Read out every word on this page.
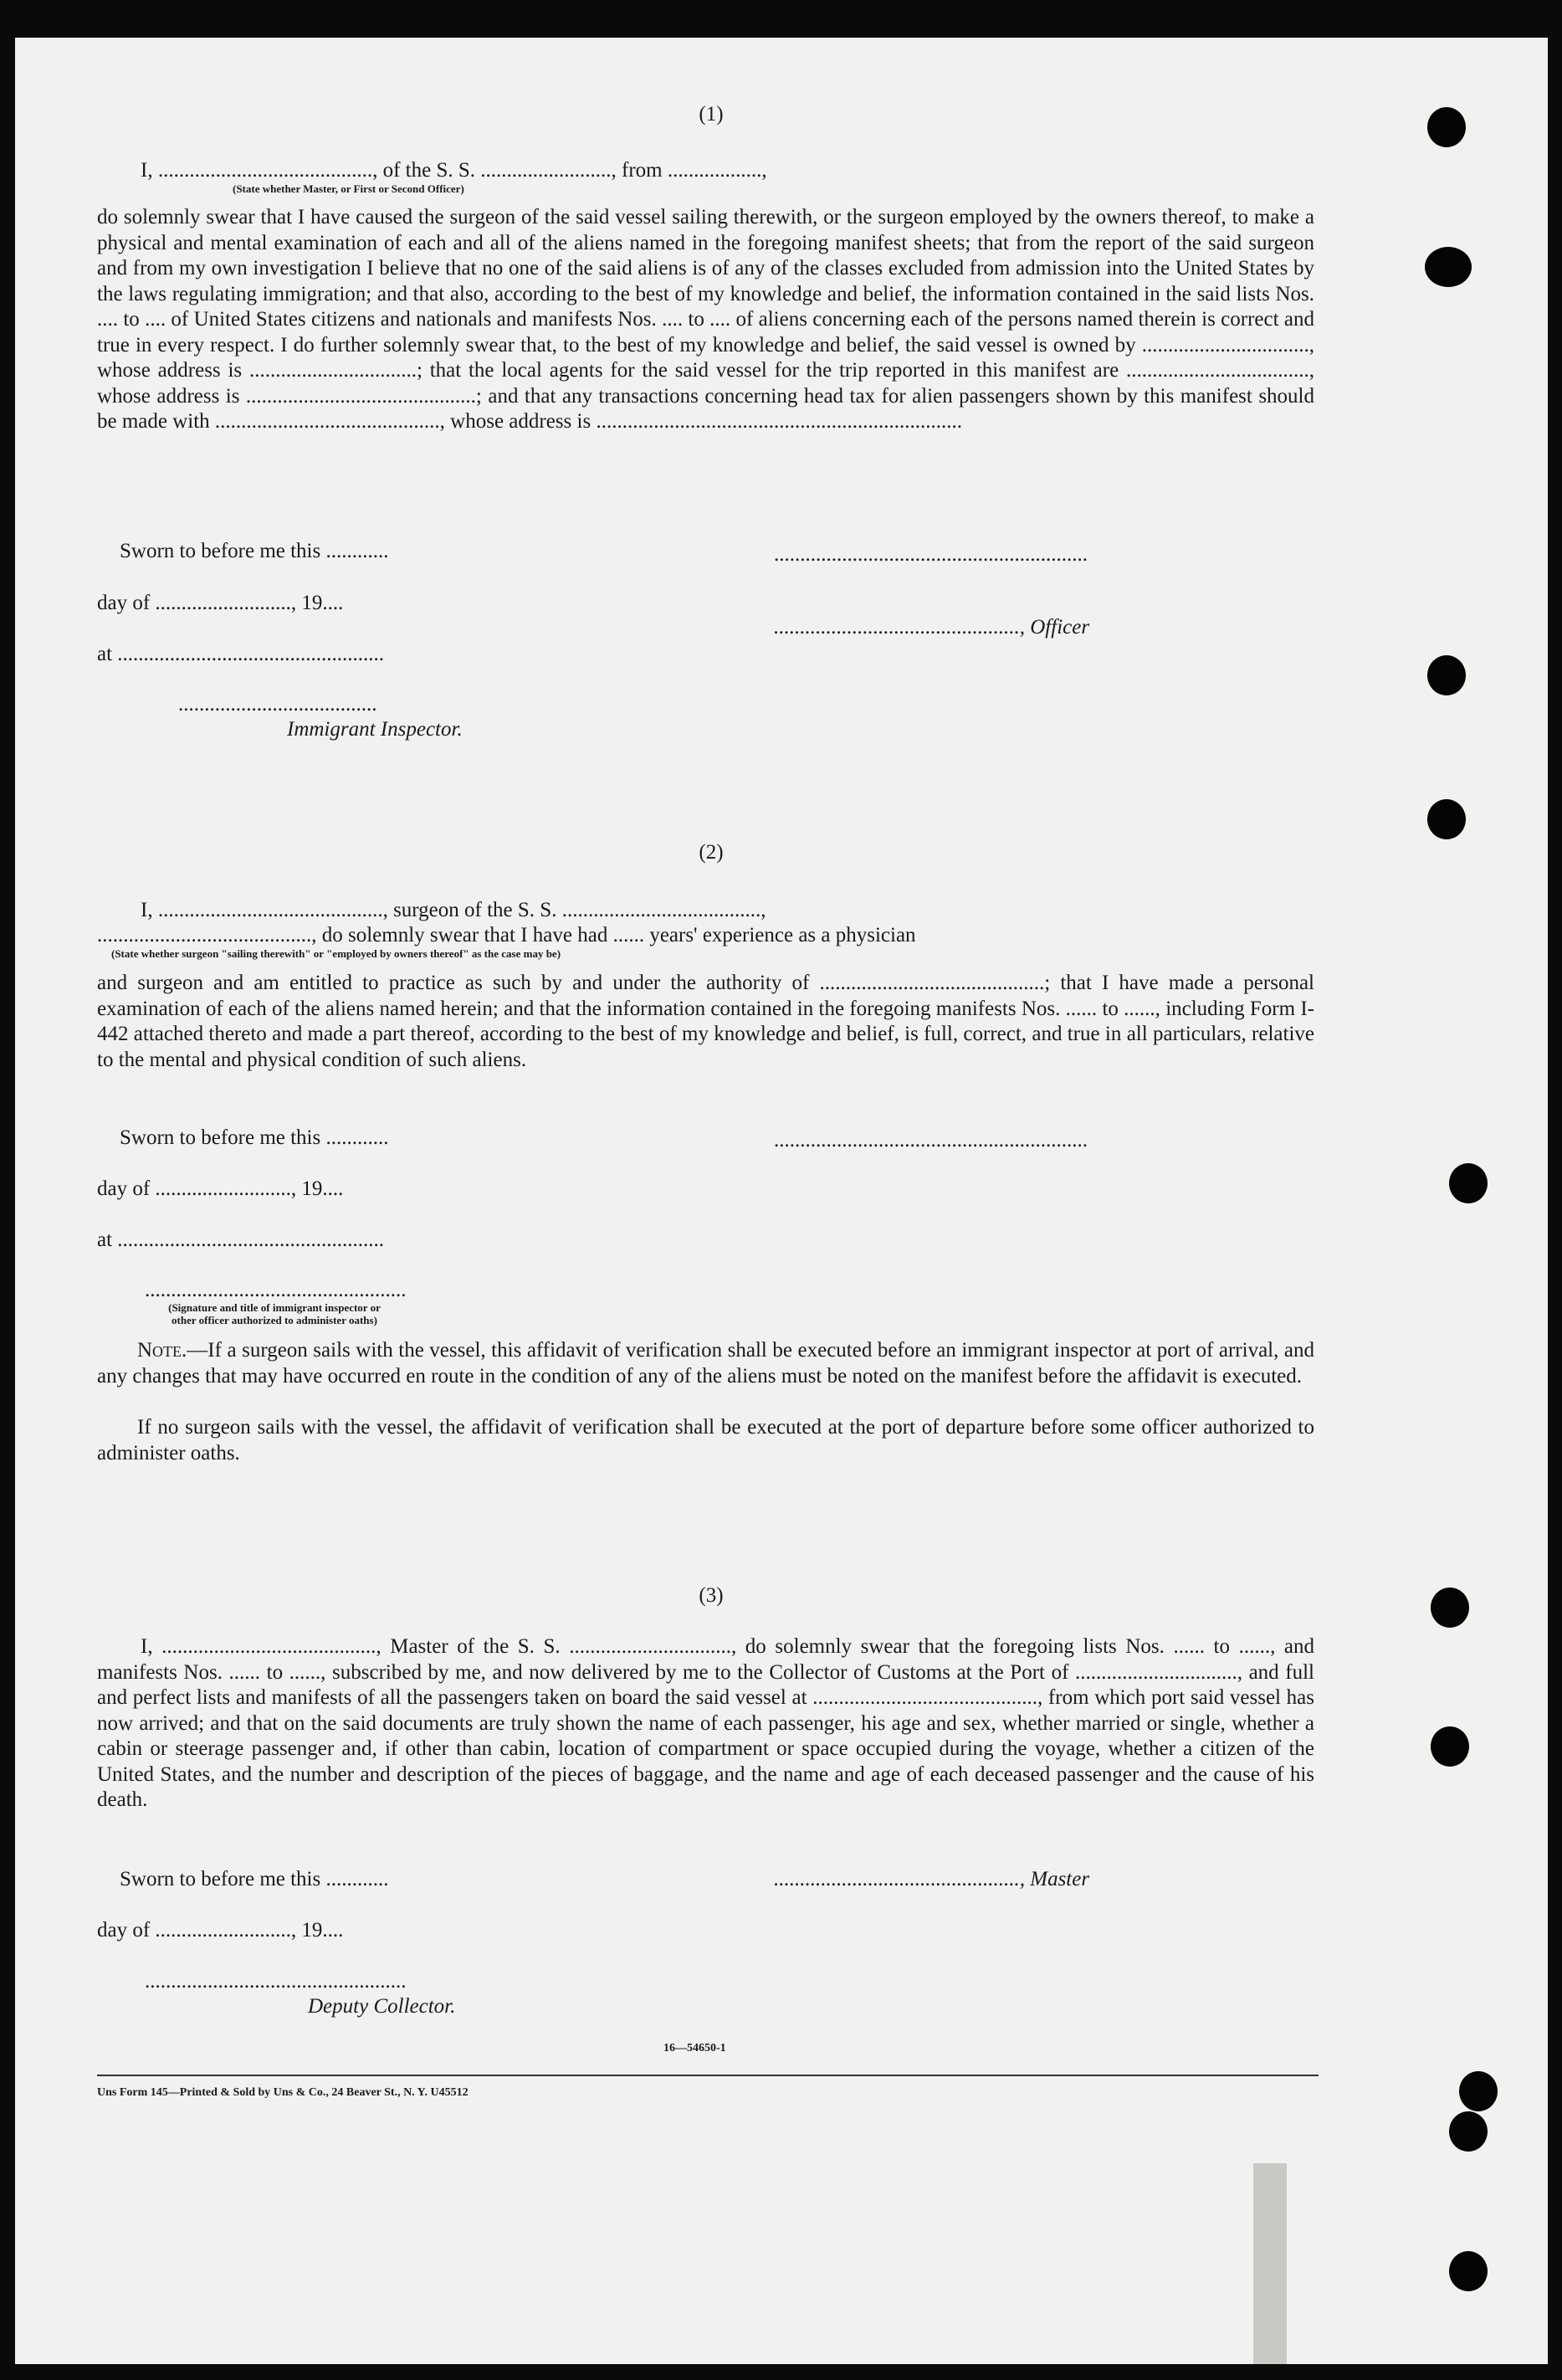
(1)
I, ........................................., of the S. S. ........................., from ..................,
(State whether Master, or First or Second Officer)

do solemnly swear that I have caused the surgeon of the said vessel sailing therewith, or the surgeon employed by the owners thereof, to make a physical and mental examination of each and all of the aliens named in the foregoing manifest sheets; that from the report of the said surgeon and from my own investigation I believe that no one of the said aliens is of any of the classes excluded from admission into the United States by the laws regulating immigration; and that also, according to the best of my knowledge and belief, the information contained in the said lists Nos. .... to .... of United States citizens and nationals and manifests Nos. .... to .... of aliens concerning each of the persons named therein is correct and true in every respect. I do further solemnly swear that, to the best of my knowledge and belief, the said vessel is owned by ................................, whose address is ................................; that the local agents for the said vessel for the trip reported in this manifest are ..................................., whose address is ............................................; and that any transactions concerning head tax for alien passengers shown by this manifest should be made with ..........................................., whose address is ......................................................................

Sworn to before me this ............	............................................................
day of .........................., 19....
..............................................., Officer
at ...................................................
......................................
Immigrant Inspector.
(2)
I, ..........................................., surgeon of the S. S. ......................................,
........................................., do solemnly swear that I have had ...... years' experience as a physician
(State whether surgeon "sailing therewith" or "employed by owners thereof" as the case may be)

and surgeon and am entitled to practice as such by and under the authority of ...........................................; that I have made a personal examination of each of the aliens named herein; and that the information contained in the foregoing manifests Nos. ...... to ......, including Form I-442 attached thereto and made a part thereof, according to the best of my knowledge and belief, is full, correct, and true in all particulars, relative to the mental and physical condition of such aliens.

Sworn to before me this ............	............................................................
day of .........................., 19....
at ...................................................
..................................................
(Signature and title of immigrant inspector or other officer authorized to administer oaths)

Note.—If a surgeon sails with the vessel, this affidavit of verification shall be executed before an immigrant inspector at port of arrival, and any changes that may have occurred en route in the condition of any of the aliens must be noted on the manifest before the affidavit is executed.

If no surgeon sails with the vessel, the affidavit of verification shall be executed at the port of departure before some officer authorized to administer oaths.

(3)

I, ........................................., Master of the S. S. ..............................., do solemnly swear that the foregoing lists Nos. ...... to ......, and manifests Nos. ...... to ......, subscribed by me, and now delivered by me to the Collector of Customs at the Port of ..............................., and full and perfect lists and manifests of all the passengers taken on board the said vessel at ..........................................., from which port said vessel has now arrived; and that on the said documents are truly shown the name of each passenger, his age and sex, whether married or single, whether a cabin or steerage passenger and, if other than cabin, location of compartment or space occupied during the voyage, whether a citizen of the United States, and the number and description of the pieces of baggage, and the name and age of each deceased passenger and the cause of his death.

Sworn to before me this ............	..............................................., Master
day of .........................., 19....
..................................................
Deputy Collector.
16—54650-1
Uns Form 145—Printed & Sold by Uns & Co., 24 Beaver St., N. Y. U45512
